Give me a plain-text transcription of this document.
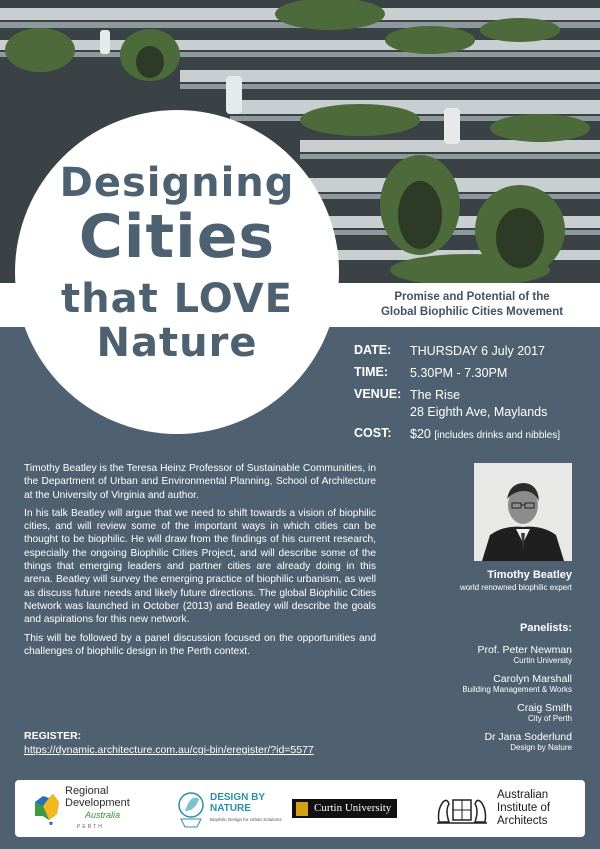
Promise and Potential of the
Global Biophilic Cities Movement
Designing
Cities
that LOVE
Nature	DATE:	THURSDAY 6 July 2017
TIME:	5.30PM - 7.30PM
VENUE: The Rise
28 Eighth Ave, Maylands
COST:	$20 [includes drinks and nibbles]

Timothy Beatley is the Teresa Heinz Professor of Sustainable Communities, in the Department of Urban and Environmental Planning, School of Architecture at the University of Virginia and author.

In his talk Beatley will argue that we need to shift towards a vision of biophilic cities, and will review some of the important ways in which cities can be thought to be biophilic. He will draw from the findings of his current research, especially the ongoing Biophilic Cities Project, and will describe some of the things that emerging leaders and partner cities are already doing in this arena. Beatley will survey the emerging practice of biophilic urbanism, as well as discuss future needs and likely future directions. The global Biophilic Cities Network was launched in October (2013) and Beatley will describe the goals and aspirations for this new network.

This will be followed by a panel discussion focused on the opportunities and challenges of biophilic design in the Perth context.

REGISTER:
https://dynamic.architecture.com.au/cgi-bin/eregister/?id=5577
Timothy Beatley
world renowned biophilic expert
Panelists:
Prof. Peter Newman
Curtin University
Carolyn Marshall
Building Management & Works
Craig Smith
City of Perth
Dr Jana Soderlund
Design by Nature
Regional
Development
Australia
PERTH
DESIGN BY
NATURE
Biophilic Design for Urban Solutions
Curtin University
Australian
Institute of
Architects
